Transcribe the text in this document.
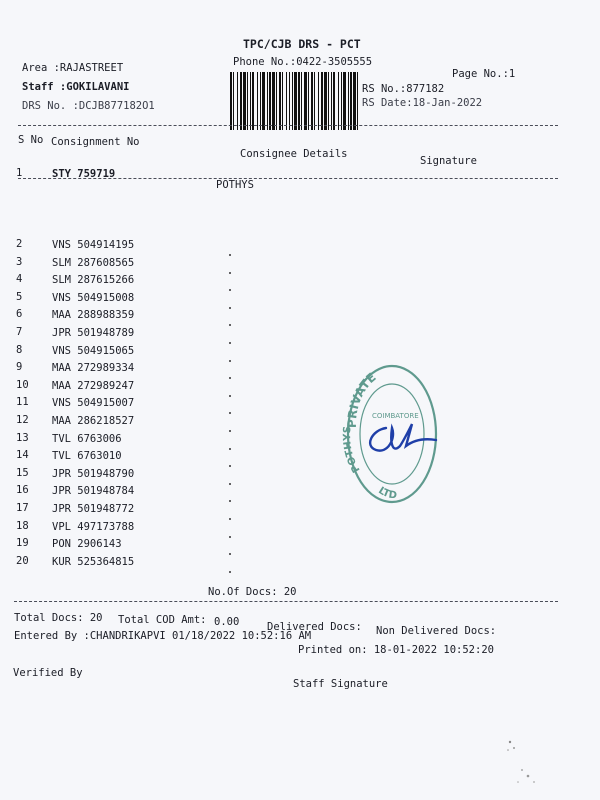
TPC/CJB DRS - PCT
Phone No.:0422-3505555
Page No.:1
Area :RAJASTREET
Staff :GOKILAVANI
DRS No. :DCJB877182O1
RS No.:877182
RS Date:18-Jan-2022
S No Consignment No
Consignee Details
Signature
1	STY 759719
POTHYS
2	VNS 504914195
3	SLM 287608565
4	SLM 287615266
5	VNS 504915008
6	MAA 288988359
7	JPR 501948789
8	VNS 504915065
9	MAA 272989334
10	MAA 272989247
11	VNS 504915007
12	MAA 286218527
13	TVL 6763006
14	TVL 6763010
15	JPR 501948790
16	JPR 501948784
17	JPR 501948772
18	VPL 497173788
19	PON 2906143
20	KUR 525364815
No.Of Docs: 20
Total Docs: 20 Total COD Amt: 0.00	Delivered Docs: Non Delivered Docs:
Entered By :CHANDRIKAPVI 01/18/2022 10:52:16 AM
Printed on: 18-01-2022 10:52:20
Verified By
Staff Signature
PRIVATE
POTHYS
LTD
COIMBATORE
